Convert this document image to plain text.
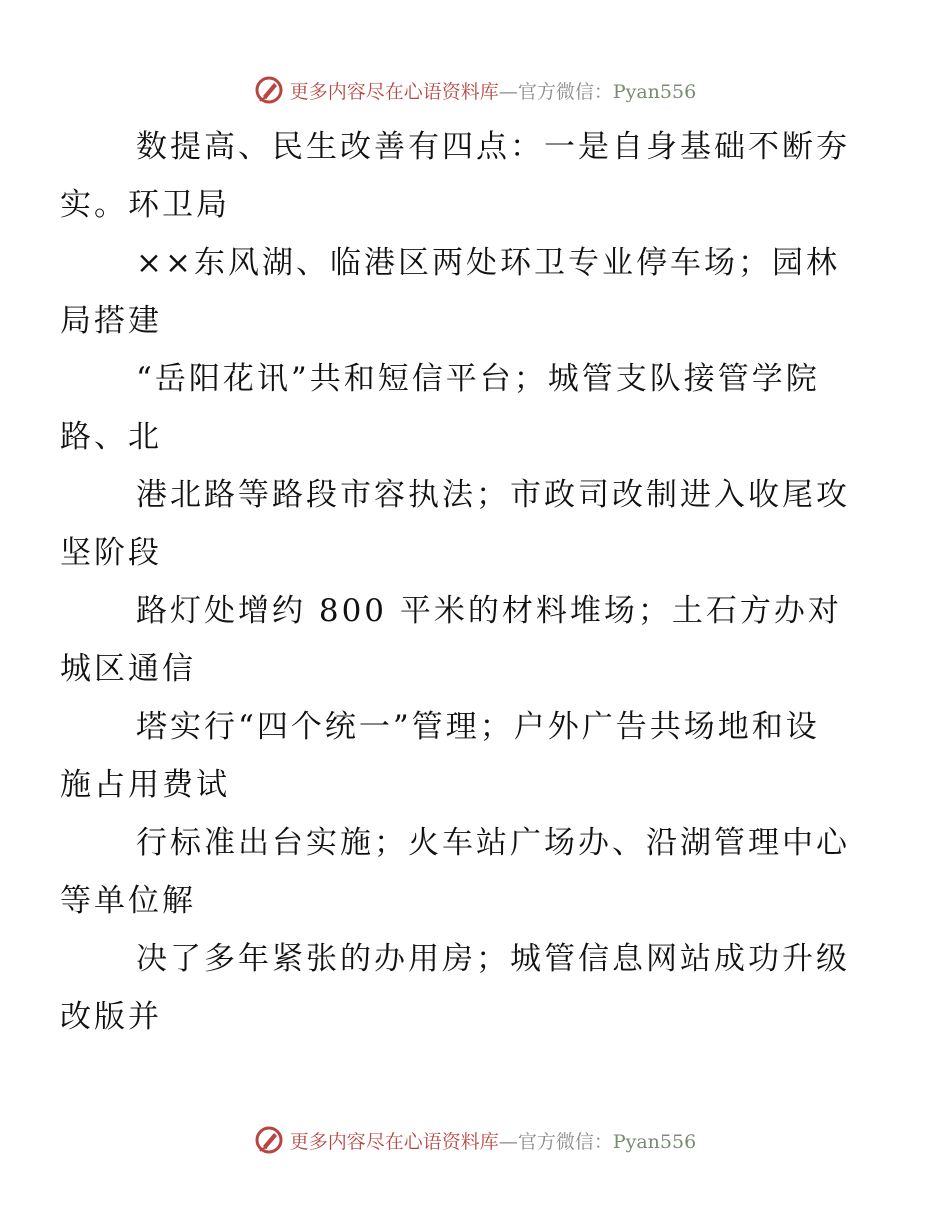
更多内容尽在心语资料库—官方微信：Pyan556

数提高、民生改善有四点：一是自身基础不断夯
实。环卫局

××东风湖、临港区两处环卫专业停车场；园林
局搭建

“岳阳花讯”共和短信平台；城管支队接管学院
路、北

港北路等路段市容执法；市政司改制进入收尾攻
坚阶段

路灯处增约 800 平米的材料堆场；土石方办对
城区通信

塔实行“四个统一”管理；户外广告共场地和设
施占用费试

行标准出台实施；火车站广场办、沿湖管理中心
等单位解

决了多年紧张的办用房；城管信息网站成功升级
改版并

更多内容尽在心语资料库—官方微信：Pyan556
